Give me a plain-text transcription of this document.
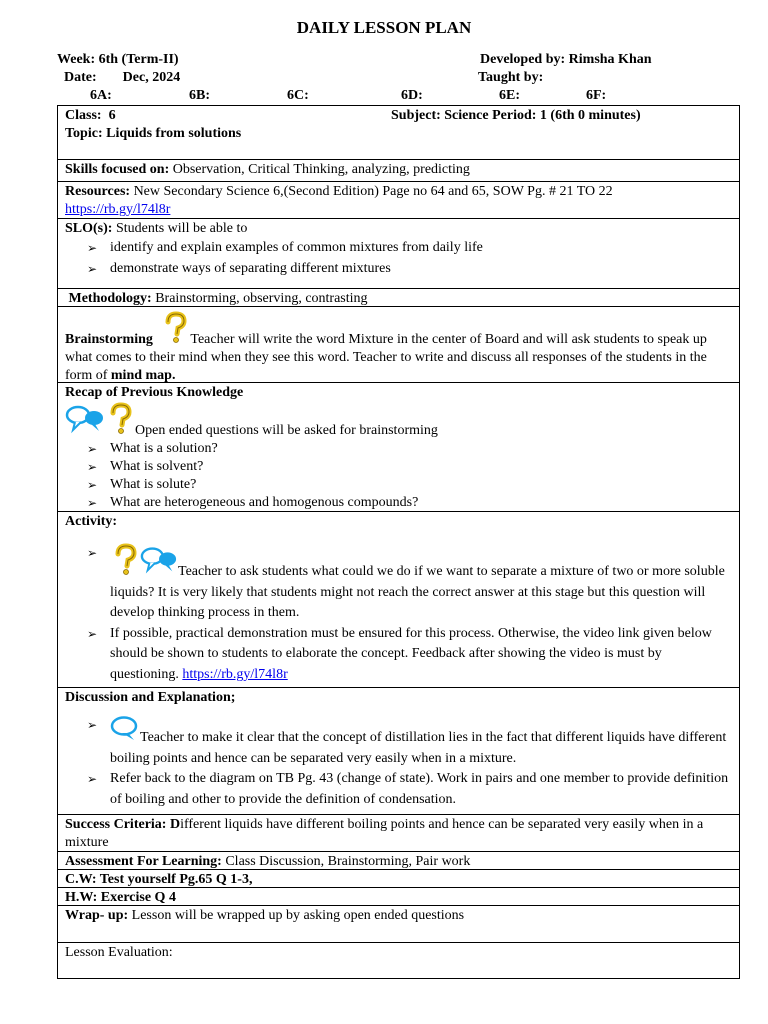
DAILY LESSON PLAN
Week: 6th (Term-II)	Developed by: Rimsha Khan
Date: Dec, 2024	Taught by:
6A:	6B:	6C:	6D:	6E:	6F:
Class: 6	Subject: Science Period: 1 (6th 0 minutes)
Topic: Liquids from solutions
Skills focused on: Observation, Critical Thinking, analyzing, predicting
Resources: New Secondary Science 6,(Second Edition) Page no 64 and 65, SOW Pg. # 21 TO 22
https://rb.gy/l74l8r
SLO(s): Students will be able to
➢ identify and explain examples of common mixtures from daily life
➢ demonstrate ways of separating different mixtures
Methodology: Brainstorming, observing, contrasting
Brainstorming	Teacher will write the word Mixture in the center of Board and will ask students to speak up what comes to their mind when they see this word. Teacher to write and discuss all responses of the students in the form of mind map.
Recap of Previous Knowledge
Open ended questions will be asked for brainstorming
➢ What is a solution?
➢ What is solvent?
➢ What is solute?
➢ What are heterogeneous and homogenous compounds?
Activity:
➢ Teacher to ask students what could we do if we want to separate a mixture of two or more soluble liquids? It is very likely that students might not reach the correct answer at this stage but this question will develop thinking process in them.
➢ If possible, practical demonstration must be ensured for this process. Otherwise, the video link given below should be shown to students to elaborate the concept. Feedback after showing the video is must by questioning. https://rb.gy/l74l8r
Discussion and Explanation;
➢ Teacher to make it clear that the concept of distillation lies in the fact that different liquids have different boiling points and hence can be separated very easily when in a mixture.
➢ Refer back to the diagram on TB Pg. 43 (change of state). Work in pairs and one member to provide definition of boiling and other to provide the definition of condensation.
Success Criteria: Different liquids have different boiling points and hence can be separated very easily when in a mixture
Assessment For Learning: Class Discussion, Brainstorming, Pair work
C.W: Test yourself Pg.65 Q 1-3,
H.W: Exercise Q 4
Wrap- up: Lesson will be wrapped up by asking open ended questions
Lesson Evaluation:
